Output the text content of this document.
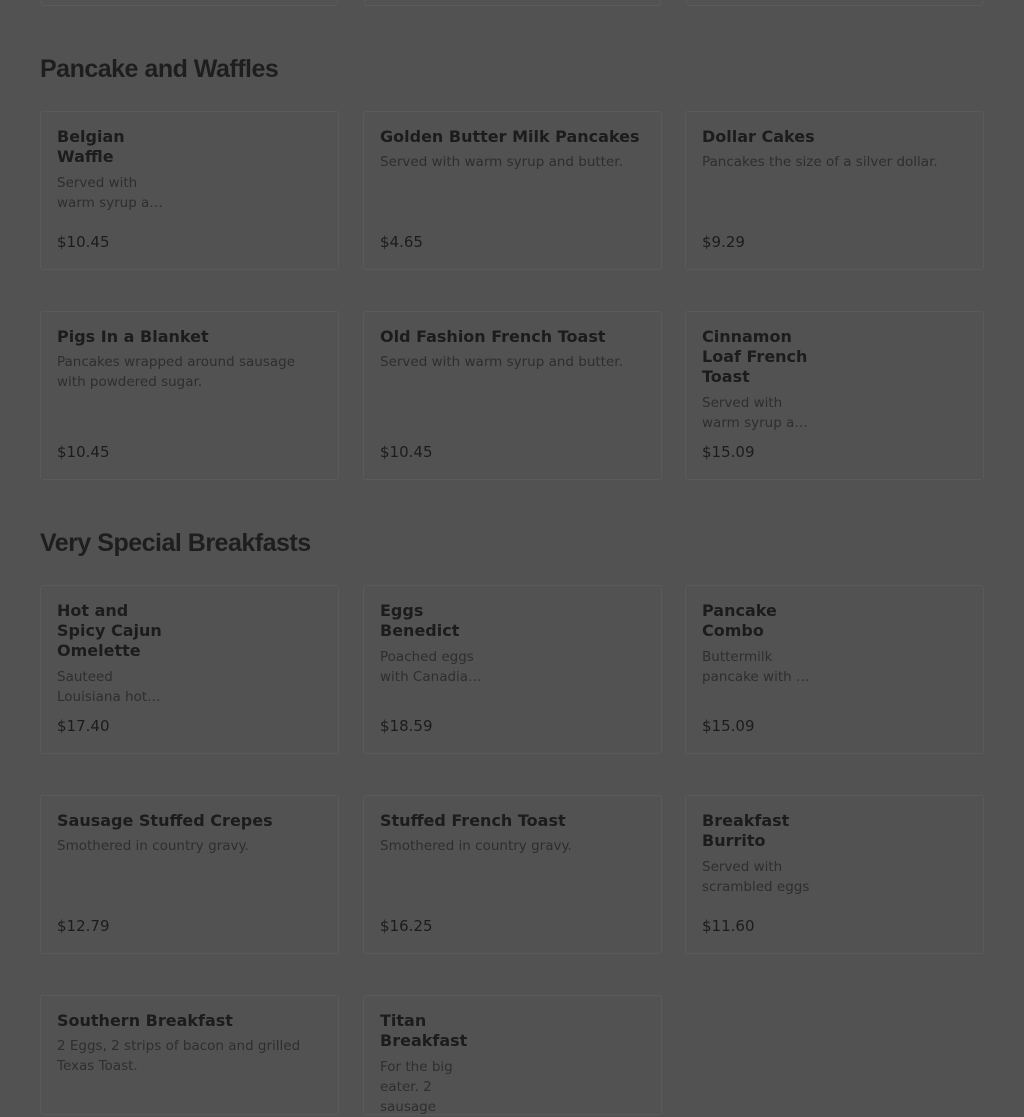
Pancake and Waffles

Belgian Waffle

Served with warm syrup and

$10.45

Golden Butter Milk Pancakes

Served with warm syrup and butter.

$4.65

Dollar Cakes

Pancakes the size of a silver dollar.

$9.29

Pigs In a Blanket

Pancakes wrapped around sausage with powdered sugar.

$10.45

Old Fashion French Toast

Served with warm syrup and butter.

$10.45

Cinnamon Loaf French Toast

Served with warm syrup and

$15.09

Very Special Breakfasts

Hot and Spicy Cajun Omelette

Sauteed Louisiana hot

$17.40

Eggs Benedict

Poached eggs with Canadian

$18.59

Pancake Combo

Buttermilk pancake with 2

$15.09

Sausage Stuffed Crepes

Smothered in country gravy.

$12.79

Stuffed French Toast

Smothered in country gravy.

$16.25

Breakfast Burrito

Served with scrambled eggs

$11.60

Southern Breakfast

2 Eggs, 2 strips of bacon and grilled Texas Toast.

Titan Breakfast

For the big eater. 2 sausage
